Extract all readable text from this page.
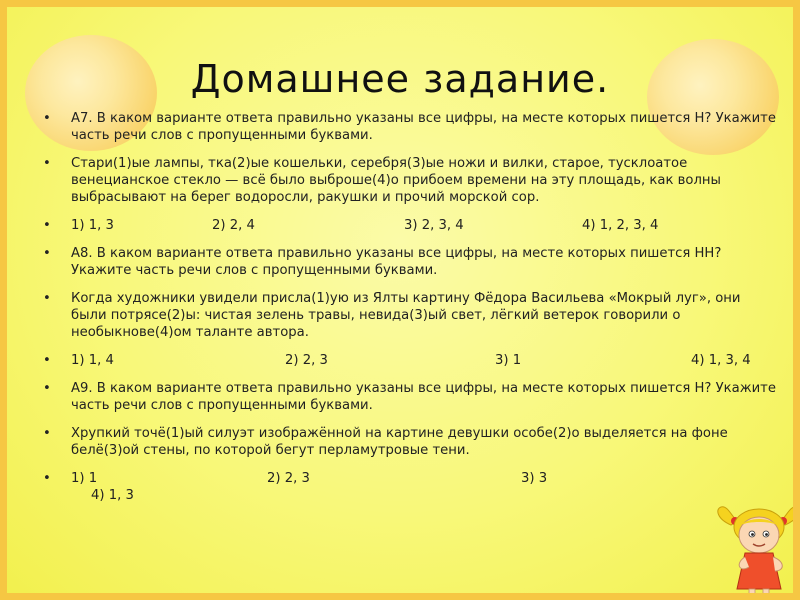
Домашнее задание.
• А7. В каком варианте ответа правильно указаны все цифры, на месте которых пишется Н? Укажите часть речи слов с пропущенными буквами.
• Стари(1)ые лампы, тка(2)ые кошельки, серебря(3)ые ножи и вилки, старое, тусклоатое венецианское стекло — всё было выброше(4)о прибоем времени на эту площадь, как волны выбрасывают на берег водоросли, ракушки и прочий морской сор.
• 1) 1, 3	2) 2, 4	3) 2, 3, 4	4) 1, 2, 3, 4
• А8. В каком варианте ответа правильно указаны все цифры, на месте которых пишется НН? Укажите часть речи слов с пропущенными буквами.
• Когда художники увидели присла(1)ую из Ялты картину Фёдора Васильева «Мокрый луг», они были потрясе(2)ы: чистая зелень травы, невида(3)ый свет, лёгкий ветерок говорили о необыкнове(4)ом таланте автора.
• 1) 1, 4	2) 2, 3	3) 1	4) 1, 3, 4
• А9. В каком варианте ответа правильно указаны все цифры, на месте которых пишется Н? Укажите часть речи слов с пропущенными буквами.
• Хрупкий точё(1)ый силуэт изображённой на картине девушки особе(2)о выделяется на фоне белё(3)ой стены, по которой бегут перламутровые тени.
• 1) 1	2) 2, 3	3) 3
4) 1, 3
